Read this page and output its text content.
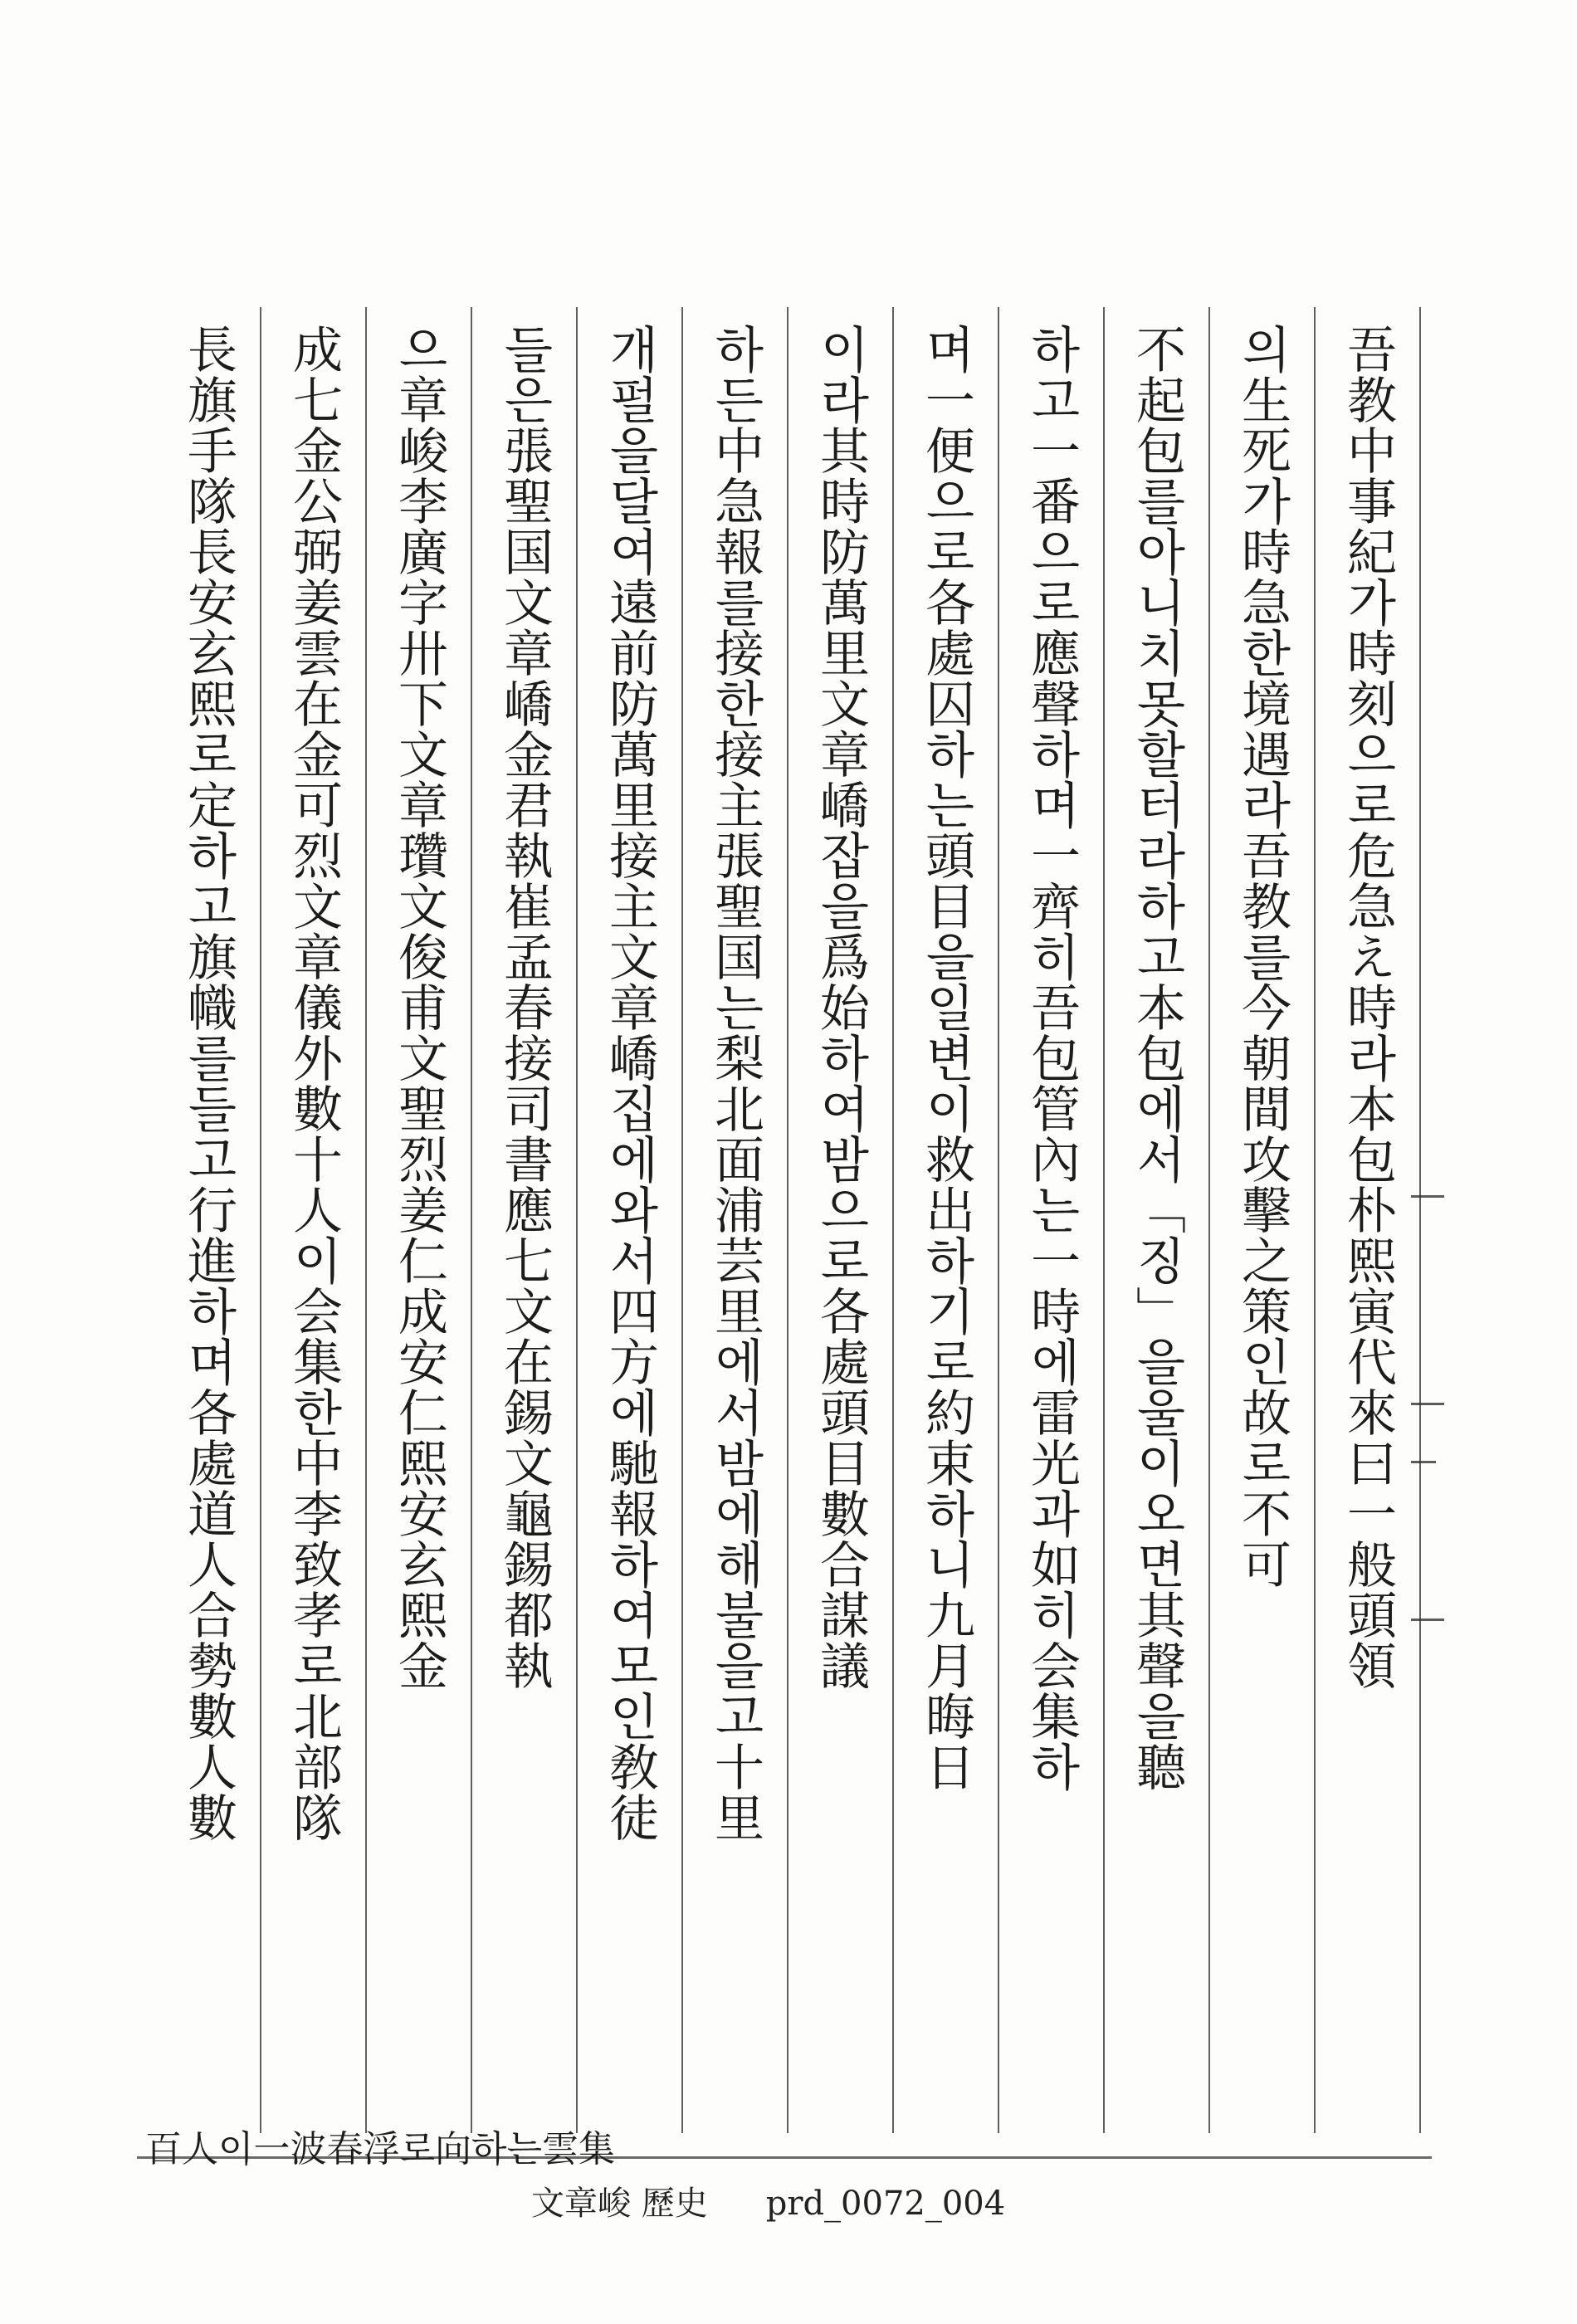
吾教中事紀가時刻으로危急え時라本包朴熙寅代來曰一般頭領
의生死가時急한境遇라吾教를今朝間攻擊之策인故로不可
不起包를아니치못할터라하고本包에서「징」을울이오면其聲을聽
하고一番으로應聲하며一齊히吾包管內는一時에雷光과如히会集하
며一便으로各處囚하는頭目을일변이救出하기로約束하니九月晦日
이라其時防萬里文章嶠잡을爲始하여밤으로各處頭目數合謀議
하든中急報를接한接主張聖国는梨北面浦芸里에서밤에해불을고十里
개펄을달여遠前防萬里接主文章嶠집에와서四方에馳報하여모인敎徒
들은張聖国文章嶠金君執崔孟春接司書應七文在錫文龜錫都執
으章峻李廣字卅下文章瓚文俊甫文聖烈姜仁成安仁熙安玄熙金
成七金公弼姜雲在金可烈文章儀外數十人이会集한中李致孝로北部隊
長旗手隊長安玄熙로定하고旗幟를들고行進하며各處道人合勢數人數
百人이一波春浮로向하는雲集
文章峻 歷史 prd_0072_004
